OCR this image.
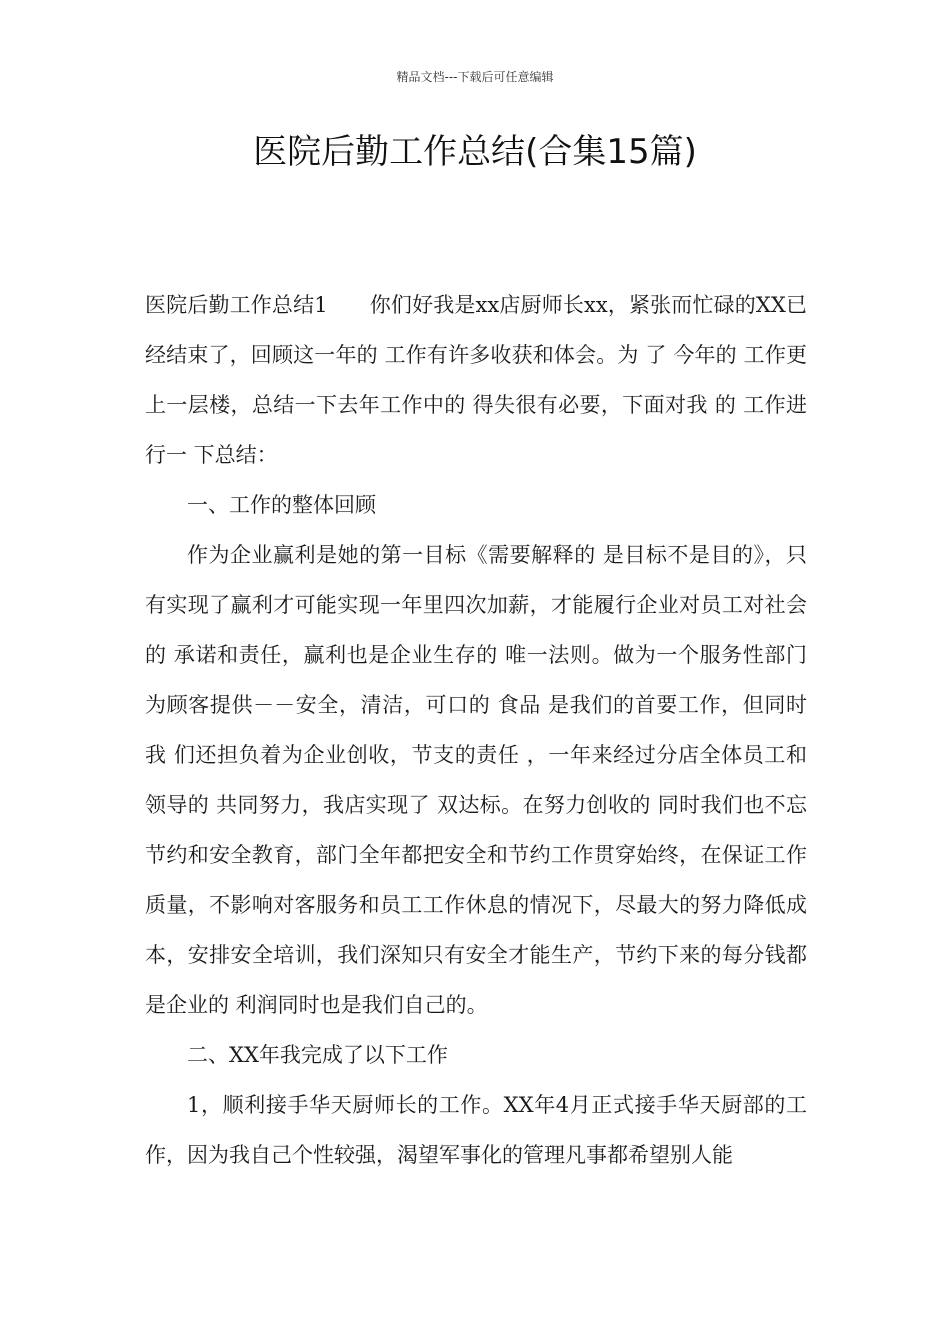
精品文档---下载后可任意编辑
医院后勤工作总结(合集15篇)

医院后勤工作总结1 你们好我是xx店厨师长xx，紧张而忙碌的XX已经结束了，回顾这一年的 工作有许多收获和体会。为 了 今年的 工作更上一层楼，总结一下去年工作中的 得失很有必要，下面对我 的 工作进行一 下总结：

一、工作的整体回顾

作为企业赢利是她的第一目标《需要解释的 是目标不是目的》，只有实现了赢利才可能实现一年里四次加薪，才能履行企业对员工对社会的 承诺和责任，赢利也是企业生存的 唯一法则。做为一个服务性部门为顾客提供－－安全，清洁，可口的 食品 是我们的首要工作，但同时我 们还担负着为企业创收，节支的责任 ，一年来经过分店全体员工和领导的 共同努力，我店实现了 双达标。在努力创收的 同时我们也不忘节约和安全教育，部门全年都把安全和节约工作贯穿始终，在保证工作质量，不影响对客服务和员工工作休息的情况下，尽最大的努力降低成本，安排安全培训，我们深知只有安全才能生产，节约下来的每分钱都是企业的 利润同时也是我们自己的。

二、XX年我完成了以下工作

1，顺利接手华天厨师长的工作。XX年4月正式接手华天厨部的工作，因为我自己个性较强，渴望军事化的管理凡事都希望别人能
